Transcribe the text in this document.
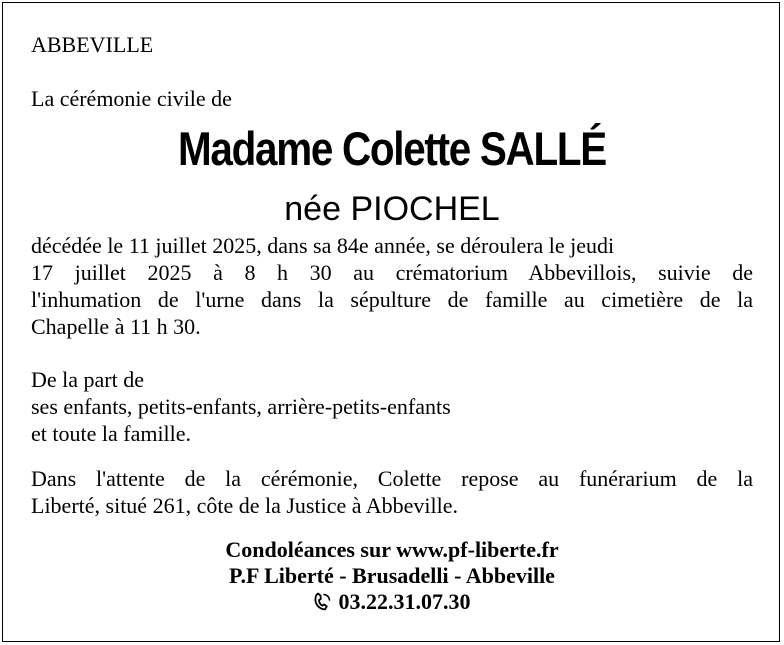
ABBEVILLE
La cérémonie civile de
Madame Colette SALLÉ
née PIOCHEL
décédée le 11 juillet 2025, dans sa 84e année, se déroulera le jeudi
17 juillet 2025 à 8 h 30 au crématorium Abbevillois, suivie de
l'inhumation de l'urne dans la sépulture de famille au cimetière de la
Chapelle à 11 h 30.
De la part de
ses enfants, petits-enfants, arrière-petits-enfants
et toute la famille.
Dans l'attente de la cérémonie, Colette repose au funérarium de la
Liberté, situé 261, côte de la Justice à Abbeville.
Condoléances sur www.pf-liberte.fr
P.F Liberté - Brusadelli - Abbeville
03.22.31.07.30
